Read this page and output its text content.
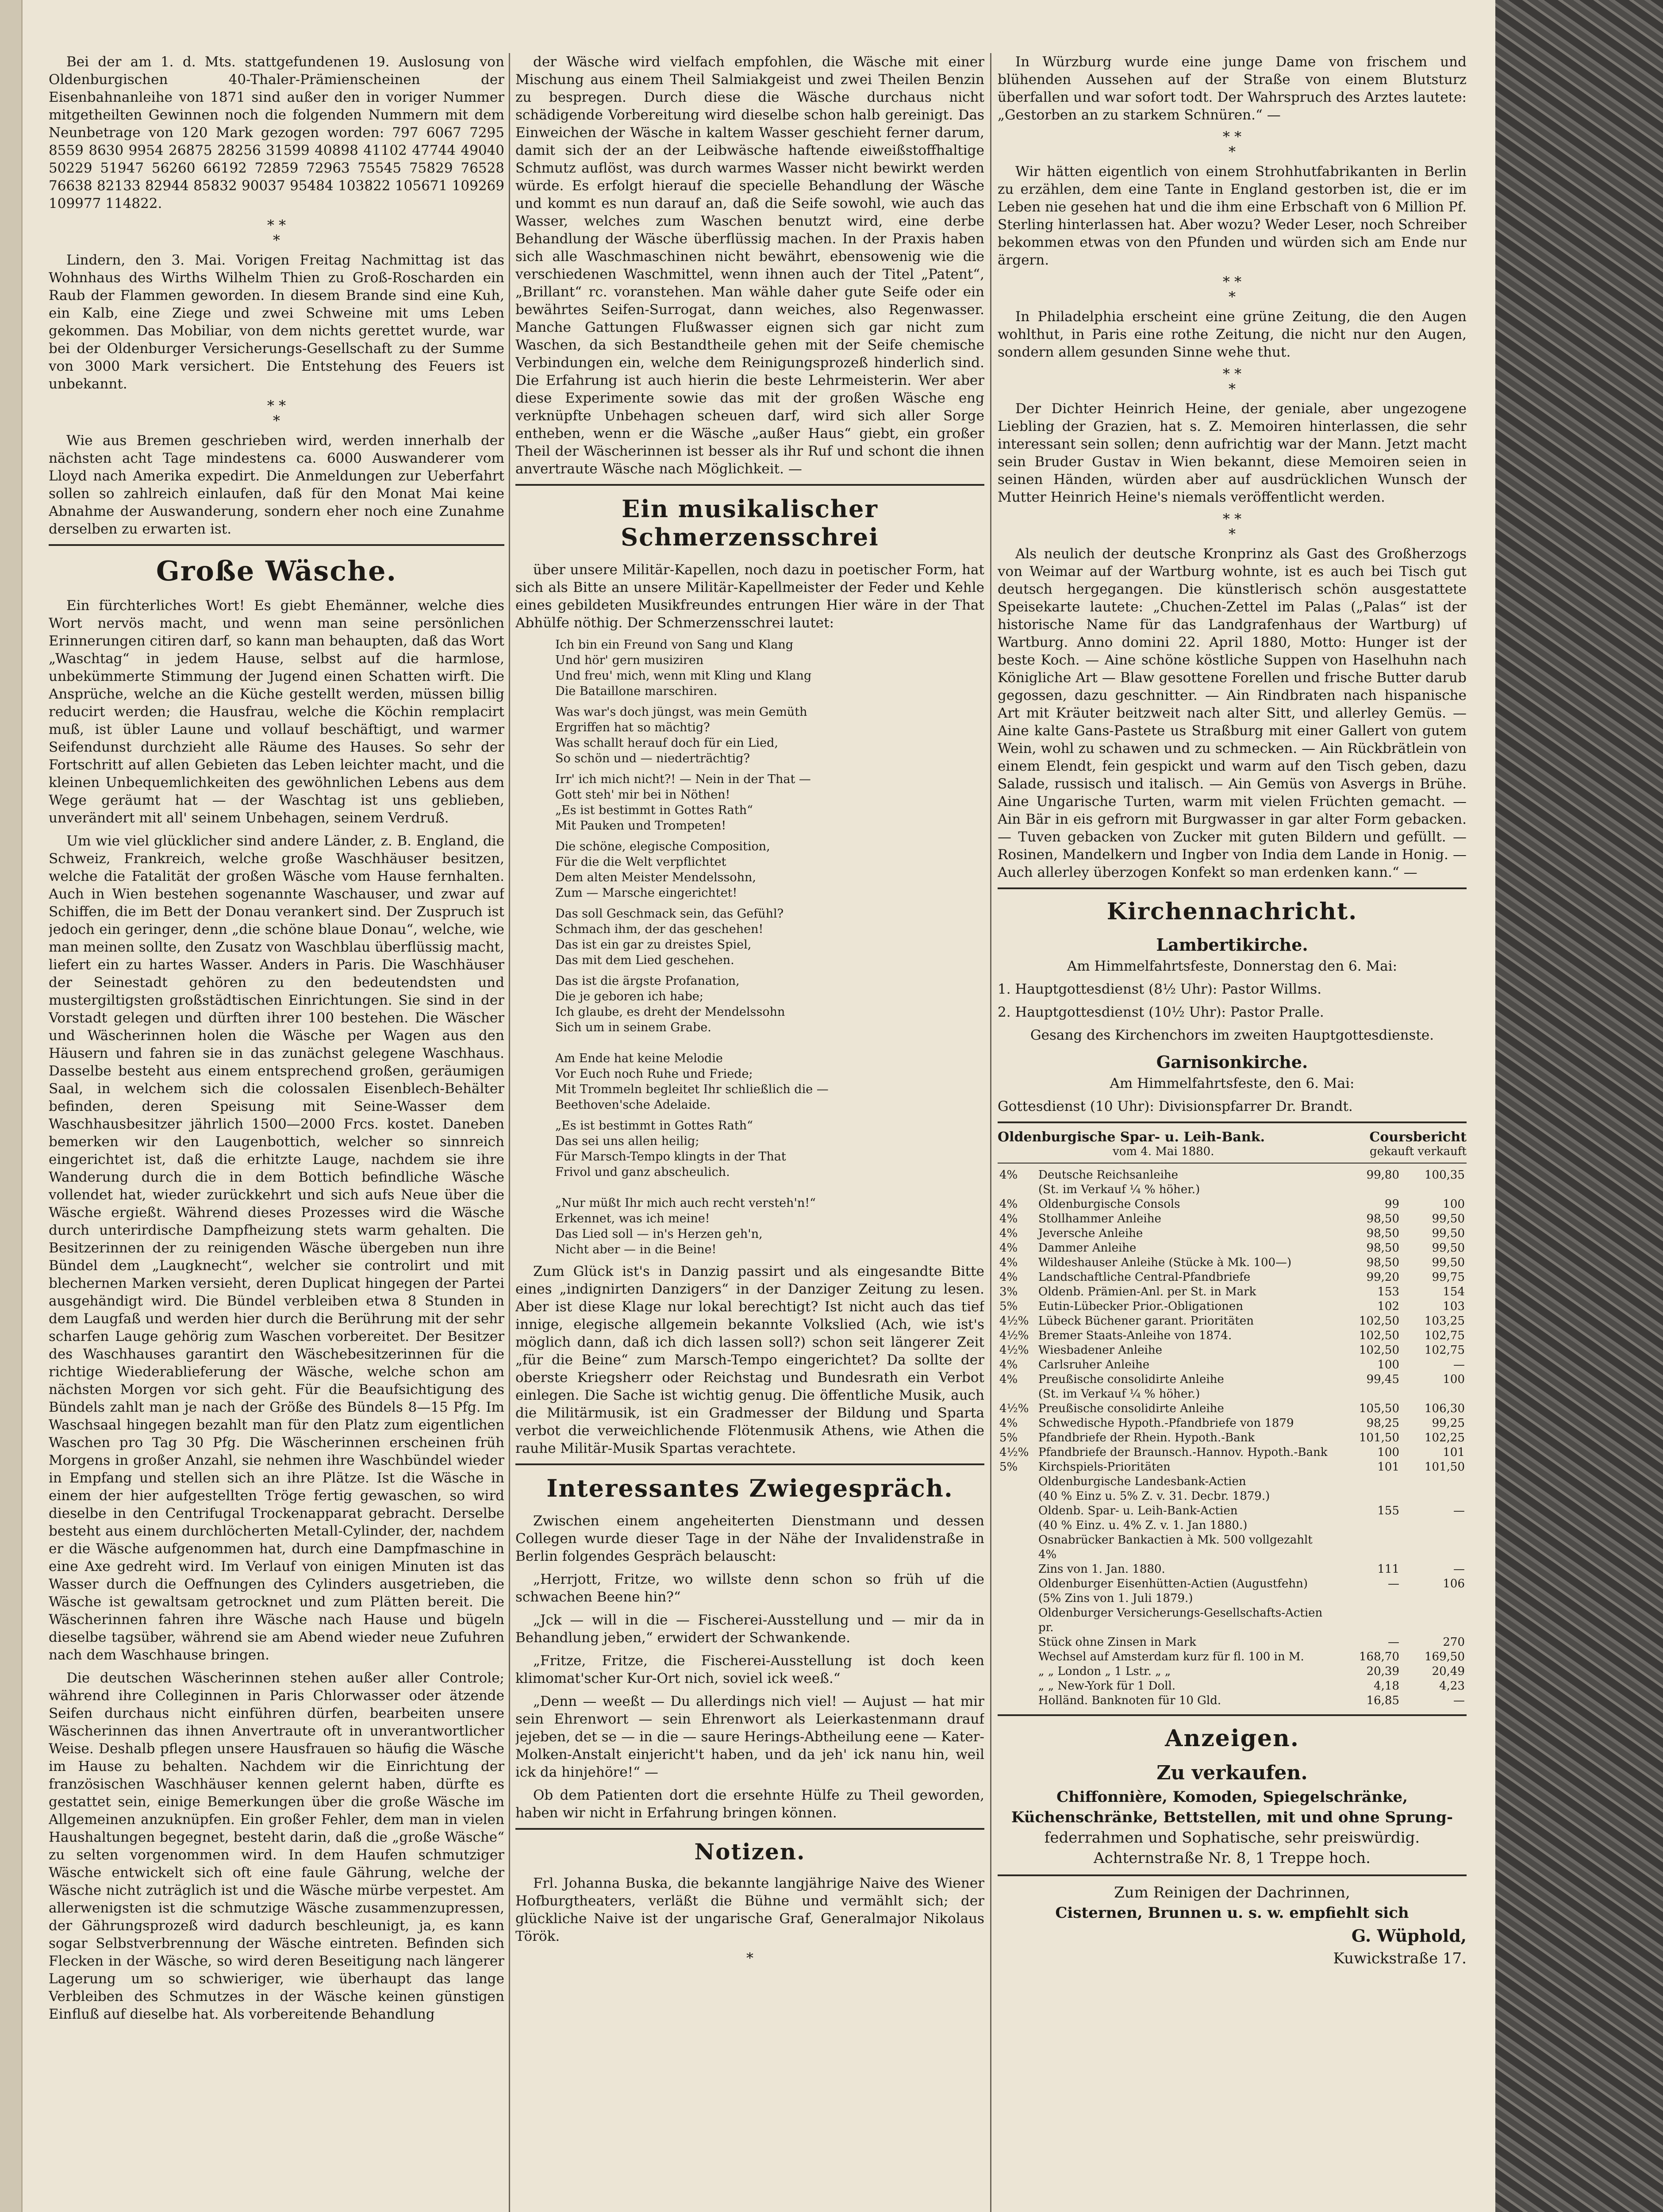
Bei der am 1. d. Mts. stattgefundenen 19. Auslosung von Oldenburgischen 40-Thaler-Prämienscheinen der Eisenbahnanleihe von 1871 sind außer den in voriger Nummer mitgetheilten Gewinnen noch die folgenden Nummern mit dem Neunbetrage von 120 Mark gezogen worden: 797 6067 7295 8559 8630 9954 26875 28256 31599 40898 41102 47744 49040 50229 51947 56260 66192 72859 72963 75545 75829 76528 76638 82133 82944 85832 90037 95484 103822 105671 109269 109977 114822.

* *
*

Lindern, den 3. Mai. Vorigen Freitag Nachmittag ist das Wohnhaus des Wirths Wilhelm Thien zu Groß-Roscharden ein Raub der Flammen geworden. In diesem Brande sind eine Kuh, ein Kalb, eine Ziege und zwei Schweine mit ums Leben gekommen. Das Mobiliar, von dem nichts gerettet wurde, war bei der Oldenburger Versicherungs-Gesellschaft zu der Summe von 3000 Mark versichert. Die Entstehung des Feuers ist unbekannt.

* *
*

Wie aus Bremen geschrieben wird, werden innerhalb der nächsten acht Tage mindestens ca. 6000 Auswanderer vom Lloyd nach Amerika expedirt. Die Anmeldungen zur Ueberfahrt sollen so zahlreich einlaufen, daß für den Monat Mai keine Abnahme der Auswanderung, sondern eher noch eine Zunahme derselben zu erwarten ist.

Große Wäsche.

Ein fürchterliches Wort! Es giebt Ehemänner, welche dies Wort nervös macht, und wenn man seine persönlichen Erinnerungen citiren darf, so kann man behaupten, daß das Wort „Waschtag“ in jedem Hause, selbst auf die harmlose, unbekümmerte Stimmung der Jugend einen Schatten wirft. Die Ansprüche, welche an die Küche gestellt werden, müssen billig reducirt werden; die Hausfrau, welche die Köchin remplacirt muß, ist übler Laune und vollauf beschäftigt, und warmer Seifendunst durchzieht alle Räume des Hauses. So sehr der Fortschritt auf allen Gebieten das Leben leichter macht, und die kleinen Unbequemlichkeiten des gewöhnlichen Lebens aus dem Wege geräumt hat — der Waschtag ist uns geblieben, unverändert mit all' seinem Unbehagen, seinem Verdruß.

Um wie viel glücklicher sind andere Länder, z. B. England, die Schweiz, Frankreich, welche große Waschhäuser besitzen, welche die Fatalität der großen Wäsche vom Hause fernhalten. Auch in Wien bestehen sogenannte Waschauser, und zwar auf Schiffen, die im Bett der Donau verankert sind. Der Zuspruch ist jedoch ein geringer, denn „die schöne blaue Donau“, welche, wie man meinen sollte, den Zusatz von Waschblau überflüssig macht, liefert ein zu hartes Wasser. Anders in Paris. Die Waschhäuser der Seinestadt gehören zu den bedeutendsten und mustergiltigsten großstädtischen Einrichtungen. Sie sind in der Vorstadt gelegen und dürften ihrer 100 bestehen. Die Wäscher und Wäscherinnen holen die Wäsche per Wagen aus den Häusern und fahren sie in das zunächst gelegene Waschhaus. Dasselbe besteht aus einem entsprechend großen, geräumigen Saal, in welchem sich die colossalen Eisenblech-Behälter befinden, deren Speisung mit Seine-Wasser dem Waschhausbesitzer jährlich 1500—2000 Frcs. kostet. Daneben bemerken wir den Laugenbottich, welcher so sinnreich eingerichtet ist, daß die erhitzte Lauge, nachdem sie ihre Wanderung durch die in dem Bottich befindliche Wäsche vollendet hat, wieder zurückkehrt und sich aufs Neue über die Wäsche ergießt. Während dieses Prozesses wird die Wäsche durch unterirdische Dampfheizung stets warm gehalten. Die Besitzerinnen der zu reinigenden Wäsche übergeben nun ihre Bündel dem „Laugknecht“, welcher sie controlirt und mit blechernen Marken versieht, deren Duplicat hingegen der Partei ausgehändigt wird. Die Bündel verbleiben etwa 8 Stunden in dem Laugfaß und werden hier durch die Berührung mit der sehr scharfen Lauge gehörig zum Waschen vorbereitet. Der Besitzer des Waschhauses garantirt den Wäschebesitzerinnen für die richtige Wiederablieferung der Wäsche, welche schon am nächsten Morgen vor sich geht. Für die Beaufsichtigung des Bündels zahlt man je nach der Größe des Bündels 8—15 Pfg. Im Waschsaal hingegen bezahlt man für den Platz zum eigentlichen Waschen pro Tag 30 Pfg. Die Wäscherinnen erscheinen früh Morgens in großer Anzahl, sie nehmen ihre Waschbündel wieder in Empfang und stellen sich an ihre Plätze. Ist die Wäsche in einem der hier aufgestellten Tröge fertig gewaschen, so wird dieselbe in den Centrifugal Trockenapparat gebracht. Derselbe besteht aus einem durchlöcherten Metall-Cylinder, der, nachdem er die Wäsche aufgenommen hat, durch eine Dampfmaschine in eine Axe gedreht wird. Im Verlauf von einigen Minuten ist das Wasser durch die Oeffnungen des Cylinders ausgetrieben, die Wäsche ist gewaltsam getrocknet und zum Plätten bereit. Die Wäscherinnen fahren ihre Wäsche nach Hause und bügeln dieselbe tagsüber, während sie am Abend wieder neue Zufuhren nach dem Waschhause bringen.

Die deutschen Wäscherinnen stehen außer aller Controle; während ihre Colleginnen in Paris Chlorwasser oder ätzende Seifen durchaus nicht einführen dürfen, bearbeiten unsere Wäscherinnen das ihnen Anvertraute oft in unverantwortlicher Weise. Deshalb pflegen unsere Hausfrauen so häufig die Wäsche im Hause zu behalten. Nachdem wir die Einrichtung der französischen Waschhäuser kennen gelernt haben, dürfte es gestattet sein, einige Bemerkungen über die große Wäsche im Allgemeinen anzuknüpfen. Ein großer Fehler, dem man in vielen Haushaltungen begegnet, besteht darin, daß die „große Wäsche“ zu selten vorgenommen wird. In dem Haufen schmutziger Wäsche entwickelt sich oft eine faule Gährung, welche der Wäsche nicht zuträglich ist und die Wäsche mürbe verpestet. Am allerwenigsten ist die schmutzige Wäsche zusammenzupressen, der Gährungsprozeß wird dadurch beschleunigt, ja, es kann sogar Selbstverbrennung der Wäsche eintreten. Befinden sich Flecken in der Wäsche, so wird deren Beseitigung nach längerer Lagerung um so schwieriger, wie überhaupt das lange Verbleiben des Schmutzes in der Wäsche keinen günstigen Einfluß auf dieselbe hat. Als vorbereitende Behandlung

der Wäsche wird vielfach empfohlen, die Wäsche mit einer Mischung aus einem Theil Salmiakgeist und zwei Theilen Benzin zu bespregen. Durch diese die Wäsche durchaus nicht schädigende Vorbereitung wird dieselbe schon halb gereinigt. Das Einweichen der Wäsche in kaltem Wasser geschieht ferner darum, damit sich der an der Leibwäsche haftende eiweißstoffhaltige Schmutz auflöst, was durch warmes Wasser nicht bewirkt werden würde. Es erfolgt hierauf die specielle Behandlung der Wäsche und kommt es nun darauf an, daß die Seife sowohl, wie auch das Wasser, welches zum Waschen benutzt wird, eine derbe Behandlung der Wäsche überflüssig machen. In der Praxis haben sich alle Waschmaschinen nicht bewährt, ebensowenig wie die verschiedenen Waschmittel, wenn ihnen auch der Titel „Patent“, „Brillant“ rc. voranstehen. Man wähle daher gute Seife oder ein bewährtes Seifen-Surrogat, dann weiches, also Regenwasser. Manche Gattungen Flußwasser eignen sich gar nicht zum Waschen, da sich Bestandtheile gehen mit der Seife chemische Verbindungen ein, welche dem Reinigungsprozeß hinderlich sind. Die Erfahrung ist auch hierin die beste Lehrmeisterin. Wer aber diese Experimente sowie das mit der großen Wäsche eng verknüpfte Unbehagen scheuen darf, wird sich aller Sorge entheben, wenn er die Wäsche „außer Haus“ giebt, ein großer Theil der Wäscherinnen ist besser als ihr Ruf und schont die ihnen anvertraute Wäsche nach Möglichkeit. —

Ein musikalischer Schmerzensschrei

über unsere Militär-Kapellen, noch dazu in poetischer Form, hat sich als Bitte an unsere Militär-Kapellmeister der Feder und Kehle eines gebildeten Musikfreundes entrungen Hier wäre in der That Abhülfe nöthig. Der Schmerzensschrei lautet:

Ich bin ein Freund von Sang und Klang
Und hör' gern musiziren
Und freu' mich, wenn mit Kling und Klang
Die Bataillone marschiren.
Was war's doch jüngst, was mein Gemüth
Ergriffen hat so mächtig?
Was schallt herauf doch für ein Lied,
So schön und — niederträchtig?
Irr' ich mich nicht?! — Nein in der That —
Gott steh' mir bei in Nöthen!
„Es ist bestimmt in Gottes Rath“
Mit Pauken und Trompeten!
Die schöne, elegische Composition,
Für die die Welt verpflichtet
Dem alten Meister Mendelssohn,
Zum — Marsche eingerichtet!
Das soll Geschmack sein, das Gefühl?
Schmach ihm, der das geschehen!
Das ist ein gar zu dreistes Spiel,
Das mit dem Lied geschehen.
Das ist die ärgste Profanation,
Die je geboren ich habe;
Ich glaube, es dreht der Mendelssohn
Sich um in seinem Grabe.

Am Ende hat keine Melodie
Vor Euch noch Ruhe und Friede;
Mit Trommeln begleitet Ihr schließlich die —
Beethoven'sche Adelaide.
„Es ist bestimmt in Gottes Rath“
Das sei uns allen heilig;
Für Marsch-Tempo klingts in der That
Frivol und ganz abscheulich.

„Nur müßt Ihr mich auch recht versteh'n!“
Erkennet, was ich meine!
Das Lied soll — in's Herzen geh'n,
Nicht aber — in die Beine!

Zum Glück ist's in Danzig passirt und als eingesandte Bitte eines „indignirten Danzigers“ in der Danziger Zeitung zu lesen. Aber ist diese Klage nur lokal berechtigt? Ist nicht auch das tief innige, elegische allgemein bekannte Volkslied (Ach, wie ist's möglich dann, daß ich dich lassen soll?) schon seit längerer Zeit „für die Beine“ zum Marsch-Tempo eingerichtet? Da sollte der oberste Kriegsherr oder Reichstag und Bundesrath ein Verbot einlegen. Die Sache ist wichtig genug. Die öffentliche Musik, auch die Militärmusik, ist ein Gradmesser der Bildung und Sparta verbot die verweichlichende Flötenmusik Athens, wie Athen die rauhe Militär-Musik Spartas verachtete.

Interessantes Zwiegespräch.

Zwischen einem angeheiterten Dienstmann und dessen Collegen wurde dieser Tage in der Nähe der Invalidenstraße in Berlin folgendes Gespräch belauscht:

„Herrjott, Fritze, wo willste denn schon so früh uf die schwachen Beene hin?“

„Jck — will in die — Fischerei-Ausstellung und — mir da in Behandlung jeben,“ erwidert der Schwankende.

„Fritze, Fritze, die Fischerei-Ausstellung ist doch keen klimomat'scher Kur-Ort nich, soviel ick weeß.“

„Denn — weeßt — Du allerdings nich viel! — Aujust — hat mir sein Ehrenwort — sein Ehrenwort als Leierkastenmann drauf jejeben, det se — in die — saure Herings-Abtheilung eene — Kater-Molken-Anstalt einjericht't haben, und da jeh' ick nanu hin, weil ick da hinjehöre!“ —

Ob dem Patienten dort die ersehnte Hülfe zu Theil geworden, haben wir nicht in Erfahrung bringen können.

Notizen.

Frl. Johanna Buska, die bekannte langjährige Naive des Wiener Hofburgtheaters, verläßt die Bühne und vermählt sich; der glückliche Naive ist der ungarische Graf, Generalmajor Nikolaus Török.

*

In Würzburg wurde eine junge Dame von frischem und blühenden Aussehen auf der Straße von einem Blutsturz überfallen und war sofort todt. Der Wahrspruch des Arztes lautete: „Gestorben an zu starkem Schnüren.“ —

* *
*

Wir hätten eigentlich von einem Strohhutfabrikanten in Berlin zu erzählen, dem eine Tante in England gestorben ist, die er im Leben nie gesehen hat und die ihm eine Erbschaft von 6 Million Pf. Sterling hinterlassen hat. Aber wozu? Weder Leser, noch Schreiber bekommen etwas von den Pfunden und würden sich am Ende nur ärgern.

* *
*

In Philadelphia erscheint eine grüne Zeitung, die den Augen wohlthut, in Paris eine rothe Zeitung, die nicht nur den Augen, sondern allem gesunden Sinne wehe thut.

* *
*

Der Dichter Heinrich Heine, der geniale, aber ungezogene Liebling der Grazien, hat s. Z. Memoiren hinterlassen, die sehr interessant sein sollen; denn aufrichtig war der Mann. Jetzt macht sein Bruder Gustav in Wien bekannt, diese Memoiren seien in seinen Händen, würden aber auf ausdrücklichen Wunsch der Mutter Heinrich Heine's niemals veröffentlicht werden.

* *
*

Als neulich der deutsche Kronprinz als Gast des Großherzogs von Weimar auf der Wartburg wohnte, ist es auch bei Tisch gut deutsch hergegangen. Die künstlerisch schön ausgestattete Speisekarte lautete: „Chuchen-Zettel im Palas („Palas“ ist der historische Name für das Landgrafenhaus der Wartburg) uf Wartburg. Anno domini 22. April 1880, Motto: Hunger ist der beste Koch. — Aine schöne köstliche Suppen von Haselhuhn nach Königliche Art — Blaw gesottene Forellen und frische Butter darub gegossen, dazu geschnitter. — Ain Rindbraten nach hispanische Art mit Kräuter beitzweit nach alter Sitt, und allerley Gemüs. — Aine kalte Gans-Pastete us Straßburg mit einer Gallert von gutem Wein, wohl zu schawen und zu schmecken. — Ain Rückbrätlein von einem Elendt, fein gespickt und warm auf den Tisch geben, dazu Salade, russisch und italisch. — Ain Gemüs von Asvergs in Brühe. Aine Ungarische Turten, warm mit vielen Früchten gemacht. — Ain Bär in eis gefrorn mit Burgwasser in gar alter Form gebacken. — Tuven gebacken von Zucker mit guten Bildern und gefüllt. — Rosinen, Mandelkern und Ingber von India dem Lande in Honig. — Auch allerley überzogen Konfekt so man erdenken kann.“ —

Kirchennachricht.
Lambertikirche.

Am Himmelfahrtsfeste, Donnerstag den 6. Mai:

1. Hauptgottesdienst (8½ Uhr): Pastor Willms.

2. Hauptgottesdienst (10½ Uhr): Pastor Pralle.

Gesang des Kirchenchors im zweiten Hauptgottesdienste.

Garnisonkirche.

Am Himmelfahrtsfeste, den 6. Mai:

Gottesdienst (10 Uhr): Divisionspfarrer Dr. Brandt.

Oldenburgische Spar- u. Leih-Bank.	Coursbericht
vom 4. Mai 1880.	gekauft verkauft
4%	Deutsche Reichsanleihe	99,80	100,35
	(St. im Verkauf ¼ % höher.)		
4%	Oldenburgische Consols	99	100
4%	Stollhammer Anleihe	98,50	99,50
4%	Jeversche Anleihe	98,50	99,50
4%	Dammer Anleihe	98,50	99,50
4%	Wildeshauser Anleihe (Stücke à Mk. 100—)	98,50	99,50
4%	Landschaftliche Central-Pfandbriefe	99,20	99,75
3%	Oldenb. Prämien-Anl. per St. in Mark	153	154
5%	Eutin-Lübecker Prior.-Obligationen	102	103
4½%	Lübeck Büchener garant. Prioritäten	102,50	103,25
4½%	Bremer Staats-Anleihe von 1874.	102,50	102,75
4½%	Wiesbadener Anleihe	102,50	102,75
4%	Carlsruher Anleihe	100	—
4%	Preußische consolidirte Anleihe	99,45	100
	(St. im Verkauf ¼ % höher.)		
4½%	Preußische consolidirte Anleihe	105,50	106,30
4%	Schwedische Hypoth.-Pfandbriefe von 1879	98,25	99,25
5%	Pfandbriefe der Rhein. Hypoth.-Bank	101,50	102,25
4½%	Pfandbriefe der Braunsch.-Hannov. Hypoth.-Bank	100	101
5%	Kirchspiels-Prioritäten	101	101,50
	Oldenburgische Landesbank-Actien		
	(40 % Einz u. 5% Z. v. 31. Decbr. 1879.)		
	Oldenb. Spar- u. Leih-Bank-Actien	155	—
	(40 % Einz. u. 4% Z. v. 1. Jan 1880.)		
	Osnabrücker Bankactien à Mk. 500 vollgezahlt 4%		
	Zins von 1. Jan. 1880.	111	—
	Oldenburger Eisenhütten-Actien (Augustfehn)	—	106
	(5% Zins von 1. Juli 1879.)		
	Oldenburger Versicherungs-Gesellschafts-Actien pr.		
	Stück ohne Zinsen in Mark	—	270
	Wechsel auf Amsterdam kurz für fl. 100 in M.	168,70	169,50
	„ „ London „ 1 Lstr. „ „	20,39	20,49
	„ „ New-York für 1 Doll.	4,18	4,23
	Holländ. Banknoten für 10 Gld.	16,85	—
Anzeigen.
Zu verkaufen.

Chiffonnière, Komoden, Spiegelschränke,

Küchenschränke, Bettstellen, mit und ohne Sprung-

federrahmen und Sophatische, sehr preiswürdig.

Achternstraße Nr. 8, 1 Treppe hoch.

Zum Reinigen der Dachrinnen,

Cisternen, Brunnen u. s. w. empfiehlt sich

G. Wüphold,

Kuwickstraße 17.
